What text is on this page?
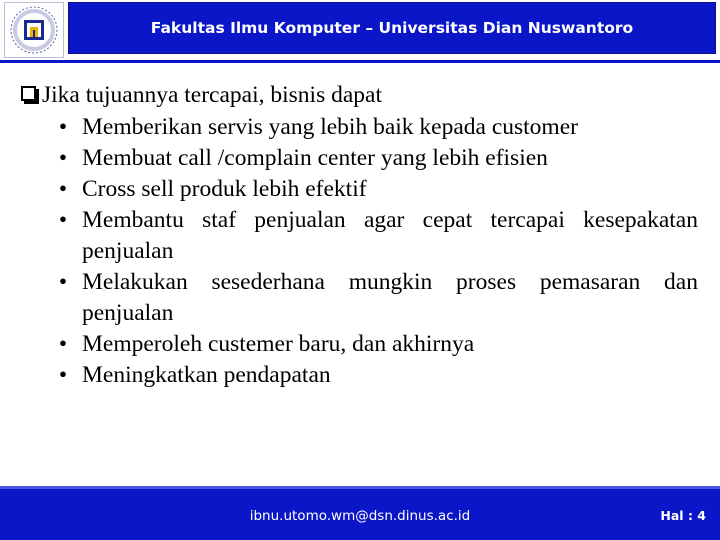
Fakultas Ilmu Komputer – Universitas Dian Nuswantoro
Jika tujuannya tercapai, bisnis dapat
• Memberikan servis yang lebih baik kepada customer
• Membuat call /complain center yang lebih efisien
• Cross sell produk lebih efektif
• Membantu staf penjualan agar cepat tercapai kesepakatan penjualan
• Melakukan sesederhana mungkin proses pemasaran dan penjualan
• Memperoleh custemer baru, dan akhirnya
• Meningkatkan pendapatan
ibnu.utomo.wm@dsn.dinus.ac.id	Hal : 4
